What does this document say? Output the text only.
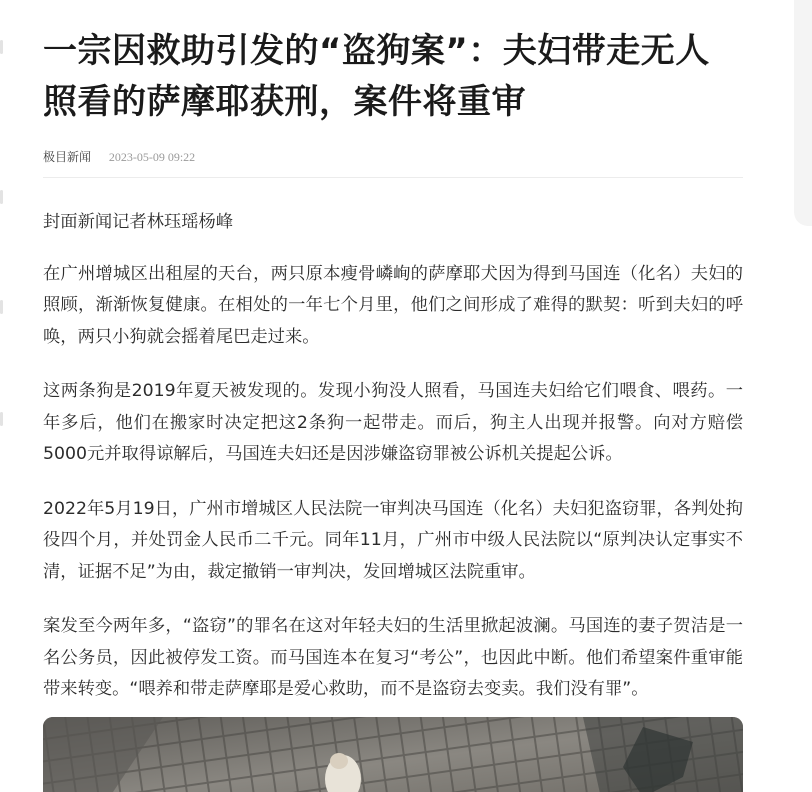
一宗因救助引发的“盗狗案”：夫妇带走无人照看的萨摩耶获刑，案件将重审
极目新闻 2023-05-09 09:22

封面新闻记者林珏瑶杨峰

在广州增城区出租屋的天台，两只原本瘦骨嶙峋的萨摩耶犬因为得到马国连（化名）夫妇的照顾，渐渐恢复健康。在相处的一年七个月里，他们之间形成了难得的默契：听到夫妇的呼唤，两只小狗就会摇着尾巴走过来。

这两条狗是2019年夏天被发现的。发现小狗没人照看，马国连夫妇给它们喂食、喂药。一年多后，他们在搬家时决定把这2条狗一起带走。而后，狗主人出现并报警。向对方赔偿5000元并取得谅解后，马国连夫妇还是因涉嫌盗窃罪被公诉机关提起公诉。

2022年5月19日，广州市增城区人民法院一审判决马国连（化名）夫妇犯盗窃罪，各判处拘役四个月，并处罚金人民币二千元。同年11月，广州市中级人民法院以“原判决认定事实不清，证据不足”为由，裁定撤销一审判决，发回增城区法院重审。

案发至今两年多，“盗窃”的罪名在这对年轻夫妇的生活里掀起波澜。马国连的妻子贺洁是一名公务员，因此被停发工资。而马国连本在复习“考公”，也因此中断。他们希望案件重审能带来转变。“喂养和带走萨摩耶是爱心救助，而不是盗窃去变卖。我们没有罪”。
